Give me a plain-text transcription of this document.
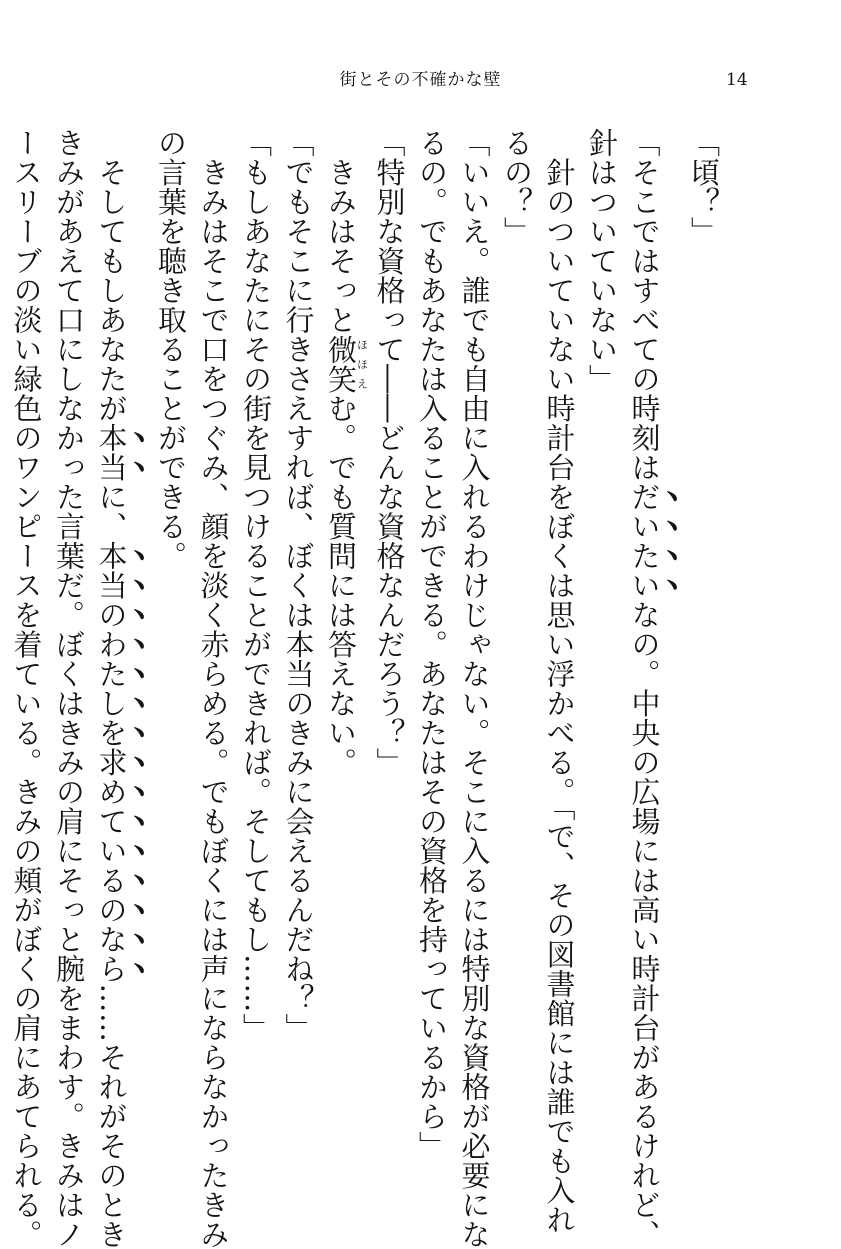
街とその不確かな壁	14
「頃？」
「そこではすべての時刻はだいたいなの。中央の広場には高い時計台があるけれど、
針はついていない」
　針のついていない時計台をぼくは思い浮かべる。「で、その図書館には誰でも入れ
るの？」
「いいえ。誰でも自由に入れるわけじゃない。そこに入るには特別な資格が必要にな
るの。でもあなたは入ることができる。あなたはその資格を持っているから」
「特別な資格って――どんな資格なんだろう？」
　きみはそっと微笑ほほえむ。でも質問には答えない。
「でもそこに行きさえすれば、ぼくは本当のきみに会えるんだね？」
「もしあなたにその街を見つけることができれば。そしてもし……」
　きみはそこで口をつぐみ、顔を淡く赤らめる。でもぼくには声にならなかったきみ
の言葉を聴き取ることができる。
　そしてもしあなたが本当に、本当のわたしを求めているのなら……それがそのとき
きみがあえて口にしなかった言葉だ。ぼくはきみの肩にそっと腕をまわす。きみはノ
ースリーブの淡い緑色のワンピースを着ている。きみの頬がぼくの肩にあてられる。
